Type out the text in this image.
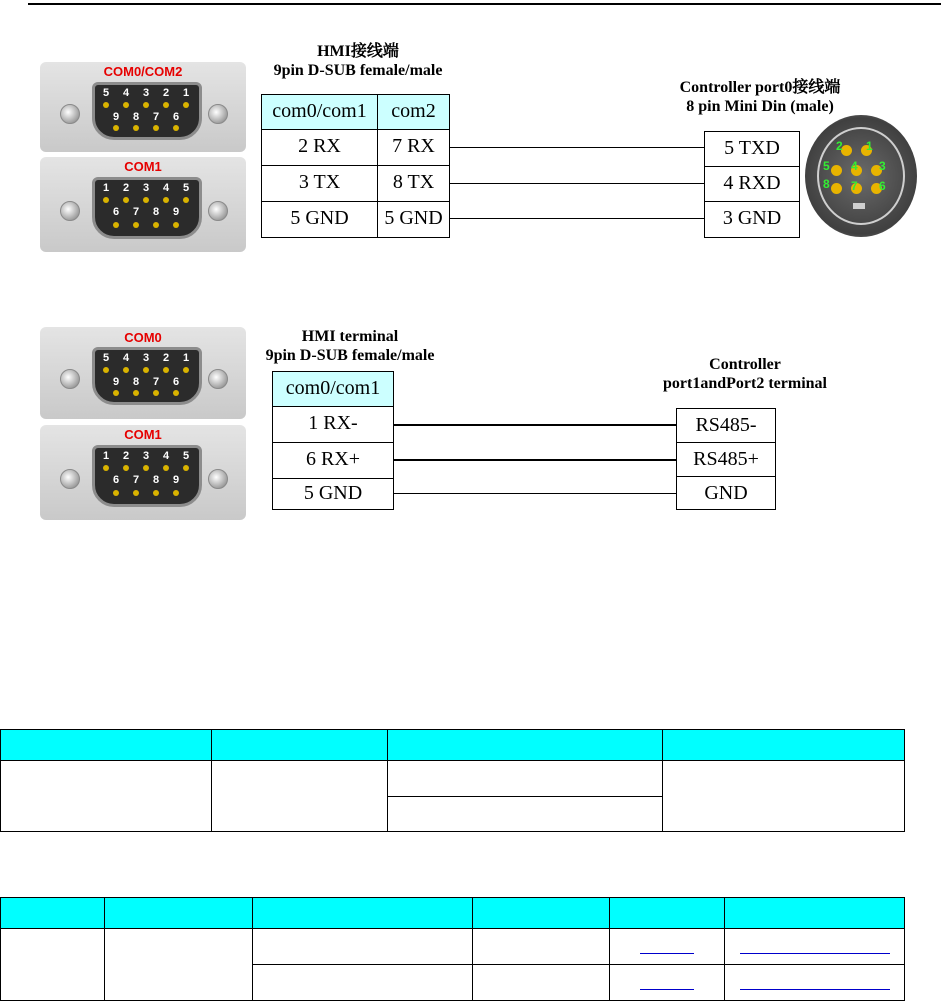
COM0/COM2
5	4	3	2	1
9	8	7	6
COM1
1	2	3	4	5
6	7	8	9
HMI接线端
9pin D-SUB female/male
com0/com1	com2
2 RX	7 RX
3 TX	8 TX
5 GND	5 GND
Controller port0接线端
8 pin Mini Din (male)
5 TXD
4 RXD
3 GND
2 1
5 4 3
8 7 6
COM0
5	4	3	2	1
9	8	7	6
COM1
1	2	3	4	5
6	7	8	9
HMI terminal
9pin D-SUB female/male
com0/com1
1 RX-
6 RX+
5 GND
Controller
port1andPort2 terminal
RS485-
RS485+
GND
